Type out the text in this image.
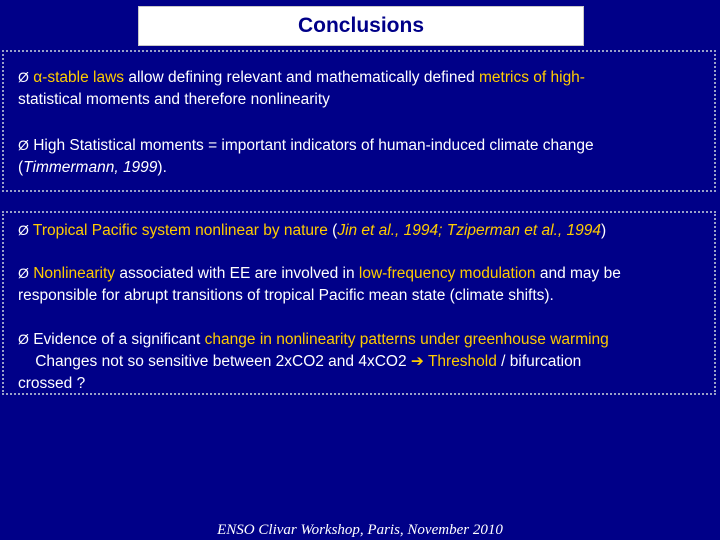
Conclusions

Ø α-stable laws allow defining relevant and mathematically defined metrics of high-
statistical moments and therefore nonlinearity

Ø High Statistical moments = important indicators of human-induced climate change
(Timmermann, 1999).

Ø Tropical Pacific system nonlinear by nature (Jin et al., 1994; Tziperman et al., 1994)

Ø Nonlinearity associated with EE are involved in low-frequency modulation and may be
responsible for abrupt transitions of tropical Pacific mean state (climate shifts).

Ø Evidence of a significant change in nonlinearity patterns under greenhouse warming
Changes not so sensitive between 2xCO2 and 4xCO2 ➔ Threshold / bifurcation
crossed ?

ENSO Clivar Workshop, Paris, November 2010
